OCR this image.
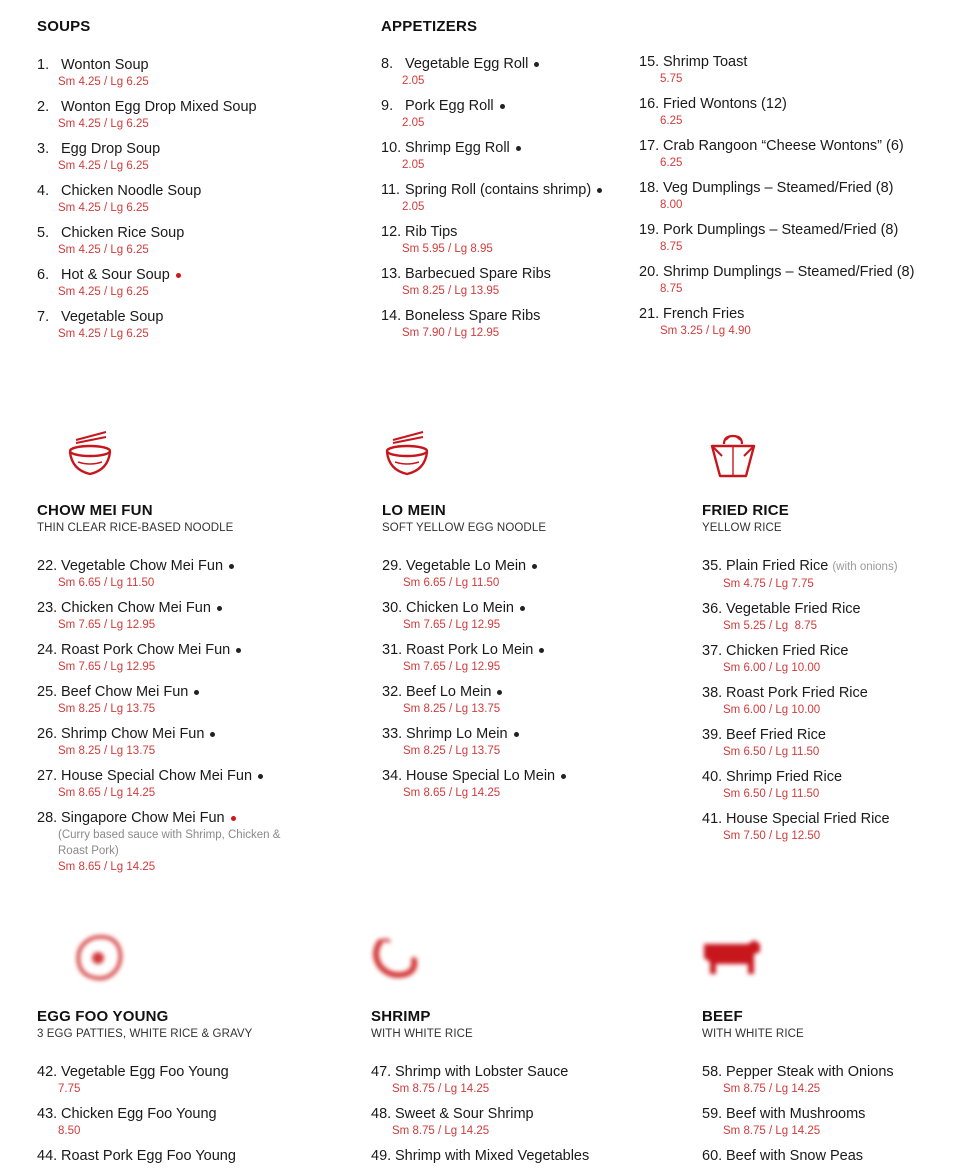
SOUPS
1. Wonton Soup
Sm 4.25 / Lg 6.25
2. Wonton Egg Drop Mixed Soup
Sm 4.25 / Lg 6.25
3. Egg Drop Soup
Sm 4.25 / Lg 6.25
4. Chicken Noodle Soup
Sm 4.25 / Lg 6.25
5. Chicken Rice Soup
Sm 4.25 / Lg 6.25
6. Hot & Sour Soup
Sm 4.25 / Lg 6.25
7. Vegetable Soup
Sm 4.25 / Lg 6.25
APPETIZERS
8. Vegetable Egg Roll
2.05
9. Pork Egg Roll
2.05
10. Shrimp Egg Roll
2.05
11. Spring Roll (contains shrimp)
2.05
12. Rib Tips
Sm 5.95 / Lg 8.95
13. Barbecued Spare Ribs
Sm 8.25 / Lg 13.95
14. Boneless Spare Ribs
Sm 7.90 / Lg 12.95
15. Shrimp Toast
5.75
16. Fried Wontons (12)
6.25
17. Crab Rangoon “Cheese Wontons” (6)
6.25
18. Veg Dumplings – Steamed/Fried (8)
8.00
19. Pork Dumplings – Steamed/Fried (8)
8.75
20. Shrimp Dumplings – Steamed/Fried (8)
8.75
21. French Fries
Sm 3.25 / Lg 4.90
CHOW MEI FUN
THIN CLEAR RICE-BASED NOODLE
22. Vegetable Chow Mei Fun
Sm 6.65 / Lg 11.50
23. Chicken Chow Mei Fun
Sm 7.65 / Lg 12.95
24. Roast Pork Chow Mei Fun
Sm 7.65 / Lg 12.95
25. Beef Chow Mei Fun
Sm 8.25 / Lg 13.75
26. Shrimp Chow Mei Fun
Sm 8.25 / Lg 13.75
27. House Special Chow Mei Fun
Sm 8.65 / Lg 14.25
28. Singapore Chow Mei Fun
(Curry based sauce with Shrimp, Chicken & Roast Pork)
Sm 8.65 / Lg 14.25
LO MEIN
SOFT YELLOW EGG NOODLE
29. Vegetable Lo Mein
Sm 6.65 / Lg 11.50
30. Chicken Lo Mein
Sm 7.65 / Lg 12.95
31. Roast Pork Lo Mein
Sm 7.65 / Lg 12.95
32. Beef Lo Mein
Sm 8.25 / Lg 13.75
33. Shrimp Lo Mein
Sm 8.25 / Lg 13.75
34. House Special Lo Mein
Sm 8.65 / Lg 14.25
FRIED RICE
YELLOW RICE
35. Plain Fried Rice (with onions)
Sm 4.75 / Lg 7.75
36. Vegetable Fried Rice
Sm 5.25 / Lg  8.75
37. Chicken Fried Rice
Sm 6.00 / Lg 10.00
38. Roast Pork Fried Rice
Sm 6.00 / Lg 10.00
39. Beef Fried Rice
Sm 6.50 / Lg 11.50
40. Shrimp Fried Rice
Sm 6.50 / Lg 11.50
41. House Special Fried Rice
Sm 7.50 / Lg 12.50
EGG FOO YOUNG
3 EGG PATTIES, WHITE RICE & GRAVY
42. Vegetable Egg Foo Young
7.75
43. Chicken Egg Foo Young
8.50
44. Roast Pork Egg Foo Young
SHRIMP
WITH WHITE RICE
47. Shrimp with Lobster Sauce
Sm 8.75 / Lg 14.25
48. Sweet & Sour Shrimp
Sm 8.75 / Lg 14.25
49. Shrimp with Mixed Vegetables
BEEF
WITH WHITE RICE
58. Pepper Steak with Onions
Sm 8.75 / Lg 14.25
59. Beef with Mushrooms
Sm 8.75 / Lg 14.25
60. Beef with Snow Peas
